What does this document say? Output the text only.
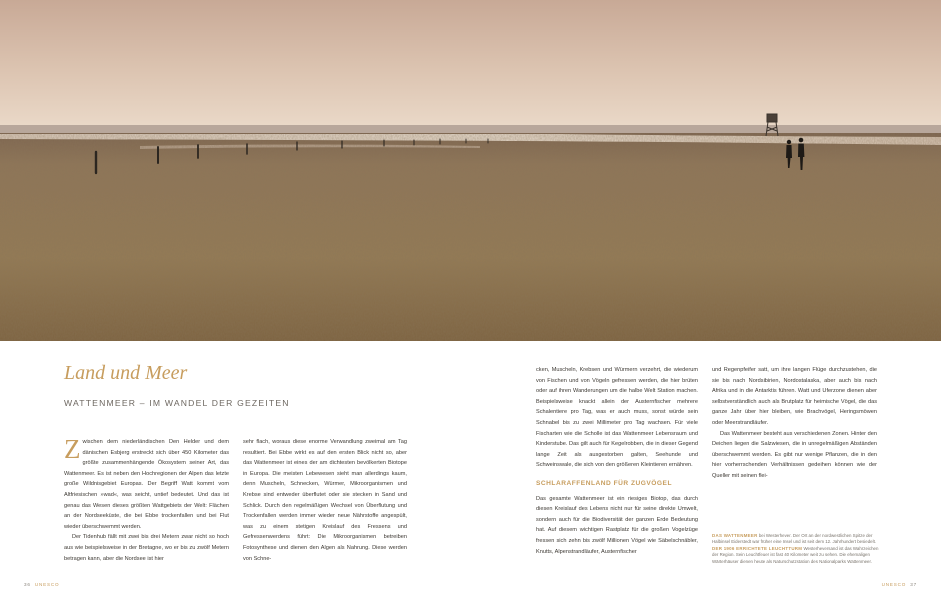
Land und Meer
WATTENMEER – IM WANDEL DER GEZEITEN

Zwischen dem niederländischen Den Helder und dem dänischen Esbjerg erstreckt sich über 450 Kilometer das größte zusammenhängende Ökosystem seiner Art, das Wattenmeer. Es ist neben den Hochregionen der Alpen das letzte große Wildnisgebiet Europas. Der Begriff Watt kommt vom Altfriesischen »wad«, was seicht, untief bedeutet. Und das ist genau das Wesen dieses größten Wattgebiets der Welt: Flächen an der Nordseeküste, die bei Ebbe trockenfallen und bei Flut wieder überschwemmt werden.

Der Tidenhub fällt mit zwei bis drei Metern zwar nicht so hoch aus wie beispielsweise in der Bretagne, wo er bis zu zwölf Metern betragen kann, aber die Nordsee ist hier

sehr flach, woraus diese enorme Verwandlung zweimal am Tag resultiert. Bei Ebbe wirkt es auf den ersten Blick nicht so, aber das Wattenmeer ist eines der am dichtesten bevölkerten Biotope in Europa. Die meisten Lebewesen sieht man allerdings kaum, denn Muscheln, Schnecken, Würmer, Mikroorganismen und Krebse sind entweder überflutet oder sie stecken in Sand und Schlick. Durch den regelmäßigen Wechsel von Überflutung und Trockenfallen werden immer wieder neue Nährstoffe angespült, was zu einem stetigen Kreislauf des Fressens und Gefressenwerdens führt: Die Mikroorganismen betreiben Fotosynthese und dienen den Algen als Nahrung. Diese werden von Schne-

cken, Muscheln, Krebsen und Würmern verzehrt, die wiederum von Fischen und von Vögeln gefressen werden, die hier brüten oder auf ihren Wanderungen um die halbe Welt Station machen. Beispielsweise knackt allein der Austernfischer mehrere Schalentiere pro Tag, was er auch muss, sonst würde sein Schnabel bis zu zwei Millimeter pro Tag wachsen. Für viele Fischarten wie die Scholle ist das Wattenmeer Lebensraum und Kinderstube. Das gilt auch für Kegelrobben, die in dieser Gegend lange Zeit als ausgestorben galten, Seehunde und Schweinswale, die sich von den größeren Kleintieren ernähren.

SCHLARAFFENLAND FÜR ZUGVÖGEL

Das gesamte Wattenmeer ist ein riesiges Biotop, das durch diesen Kreislauf des Lebens nicht nur für seine direkte Umwelt, sondern auch für die Biodiversität der ganzen Erde Bedeutung hat. Auf diesem wichtigen Rastplatz für die großen Vogelzüge fressen sich zehn bis zwölf Millionen Vögel wie Säbelschnäbler, Knutts, Alpenstrandläufer, Austernfischer

und Regenpfeifer satt, um ihre langen Flüge durchzustehen, die sie bis nach Nordsibirien, Nordostalaska, aber auch bis nach Afrika und in die Antarktis führen. Watt und Uferzone dienen aber selbstverständlich auch als Brutplatz für heimische Vögel, die das ganze Jahr über hier bleiben, wie Brachvögel, Heringsmöwen oder Meerstrandläufer.

Das Wattenmeer besteht aus verschiedenen Zonen. Hinter den Deichen liegen die Salzwiesen, die in unregelmäßigen Abständen überschwemmt werden. Es gibt nur wenige Pflanzen, die in den hier vorherrschenden Verhältnissen gedeihen können wie der Queller mit seinen flei-

DAS WATTENMEER bei Westerhever. Der Ort an der nordwestlichen Spitze der Halbinsel Eiderstedt war früher eine Insel und ist seit dem 12. Jahrhundert besiedelt. DER 1906 ERRICHTETE LEUCHTTURM Westerheversand ist das Wahrzeichen der Region. Sein Leuchtfeuer ist fast 40 Kilometer weit zu sehen. Die ehemaligen Wärterhäuser dienen heute als Naturschutzstation des Nationalparks Wattenmeer.
36 UNESCO	UNESCO 37
